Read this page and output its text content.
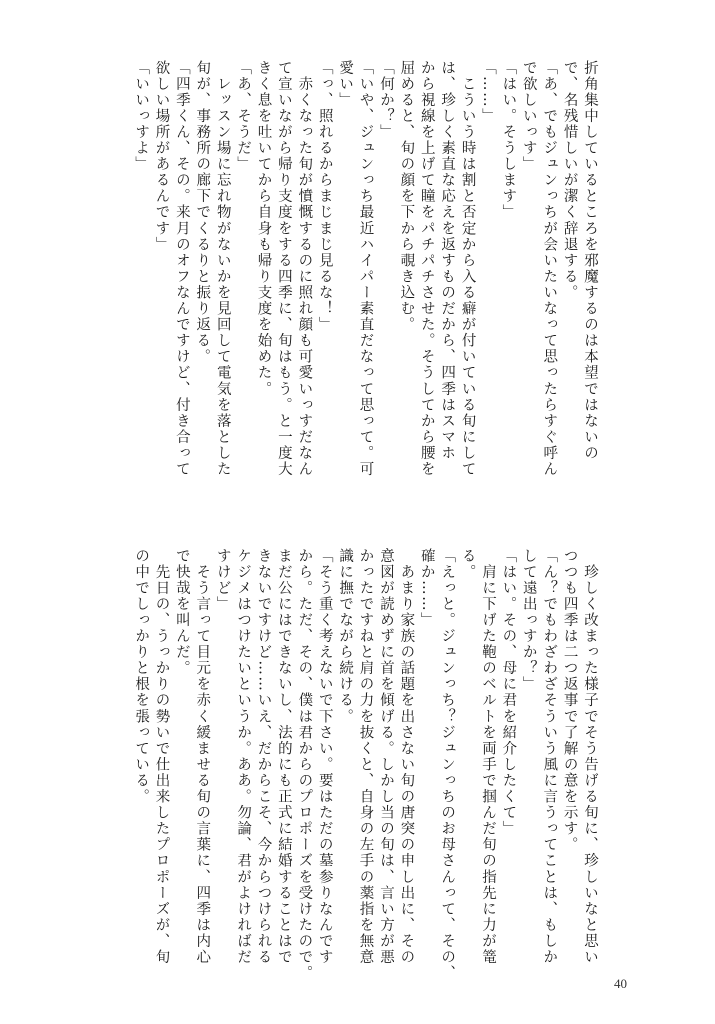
折角集中しているところを邪魔するのは本望ではないの
で、名残惜しいが潔く辞退する。
「あ、でもジュンっちが会いたいなって思ったらすぐ呼ん
で欲しいっす」
「はい。そうします」
「……」
　こういう時は割と否定から入る癖が付いている旬にして
は、珍しく素直な応えを返すものだから、四季はスマホ
から視線を上げて瞳をパチパチさせた。そうしてから腰を
屈めると、旬の顔を下から覗き込む。
「何か？」
「いや、ジュンっち最近ハイパー素直だなって思って。可
愛い」
「っ、照れるからまじまじ見るな！」
　赤くなった旬が憤慨するのに照れ顔も可愛いっすだなん
て宣いながら帰り支度をする四季に、旬はもう。と一度大
きく息を吐いてから自身も帰り支度を始めた。
「あ、そうだ」
　レッスン場に忘れ物がないかを見回して電気を落とした
旬が、事務所の廊下でくるりと振り返る。
「四季くん、その。来月のオフなんですけど、付き合って
欲しい場所があるんです」
「いいっすよ」
　珍しく改まった様子でそう告げる旬に、珍しいなと思い
つつも四季は二つ返事で了解の意を示す。
「ん？でもわざわざそういう風に言うってことは、もしか
して遠出っすか？」
「はい。その、母に君を紹介したくて」
　肩に下げた鞄のベルトを両手で掴んだ旬の指先に力が篭
る。
「えっと。ジュンっち？ジュンっちのお母さんって、その、
確か……」
　あまり家族の話題を出さない旬の唐突の申し出に、その
意図が読めずに首を傾げる。しかし当の旬は、言い方が悪
かったですねと肩の力を抜くと、自身の左手の薬指を無意
識に撫でながら続ける。
「そう重く考えないで下さい。要はただの墓参りなんです
から。ただ、その、僕は君からのプロポーズを受けたので。
まだ公にはできないし、法的にも正式に結婚することはで
きないですけど……いえ、だからこそ、今からつけられる
ケジメはつけたいというか。ああ。勿論、君がよければだ
すけど」
　そう言って目元を赤く緩ませる旬の言葉に、四季は内心
で快哉を叫んだ。
　先日の、うっかりの勢いで仕出来したプロポーズが、旬
の中でしっかりと根を張っている。
40
